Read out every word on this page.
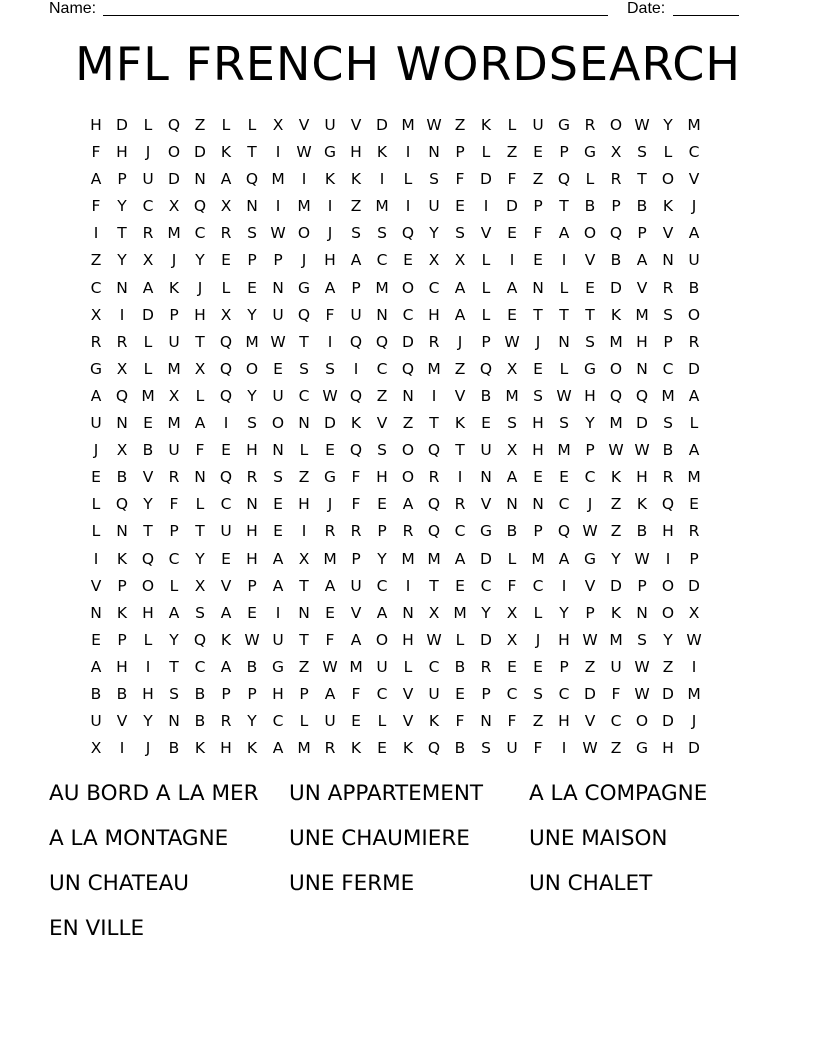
Name:	Date:
MFL FRENCH WORDSEARCH
H D	L	Q Z	L	L	X V U V D M W Z	K	L	U G R O W Y M
F	H	J	O D K	T	I	W G H K	I	N	P	L	Z	E	P G X	S	L	C
A	P	U D N A Q M	I	K	K	I	L	S	F	D	F	Z Q	L	R	T O V
F	Y	C X Q X N	I	M	I	Z M	I	U E	I	D P	T	B	P	B	K	J
I	T	R M C R	S W O	J	S	S Q Y	S	V	E	F	A O Q P	V A
Z	Y	X	J	Y	E	P	P	J	H A C	E	X X	L	I	E	I	V B A N U
C N A	K	J	L	E N G A	P M O C A	L	A N	L	E D V R B
X	I	D P	H X	Y	U Q F	U N C H A	L	E	T	T	T	K M S O
R R	L	U	T Q M W T	I	Q Q D R	J	P W	J	N S M H P	R
G X	L M X Q O E	S	S	I	C Q M Z Q X	E	L	G O N C D
A Q M X	L	Q Y	U C W Q Z N	I	V B M S W H Q Q M A
U N E M A	I	S O N D K	V Z	T	K	E	S H S	Y M D S	L
J	X B U	F	E H N	L	E Q S O Q T	U X H M P W W B A
E	B V R N Q R	S	Z G	F	H O R	I	N A	E	E	C	K H R M
L	Q Y	F	L	C N E H	J	F	E	A Q R V N N C	J	Z	K Q E
L	N T	P	T	U H E	I	R R	P	R Q C G B	P Q W Z B H R
I	K Q C	Y	E H A X M P	Y M M A D	L M A G Y W	I	P
V	P O	L	X V	P	A	T	A U C	I	T	E	C	F	C	I	V D P O D
N K H A	S	A	E	I	N E	V A N X M Y	X	L	Y	P	K N O X
E	P	L	Y Q K W U	T	F	A O H W L	D X	J	H W M S	Y W
A H	I	T	C A B G Z W M U	L	C B R	E	E	P	Z U W Z	I
B B H S	B	P	P	H P	A	F	C V U E	P	C	S	C D	F W D M
U V	Y N B R	Y	C	L	U E	L	V	K	F	N	F	Z H V C O D	J
X	I	J	B	K H K	A M R	K	E	K Q B	S U	F	I	W Z G H D
AU BORD A LA MER	UN APPARTEMENT	A LA COMPAGNE
A LA MONTAGNE	UNE CHAUMIERE	UNE MAISON
UN CHATEAU	UNE FERME	UN CHALET
EN VILLE
